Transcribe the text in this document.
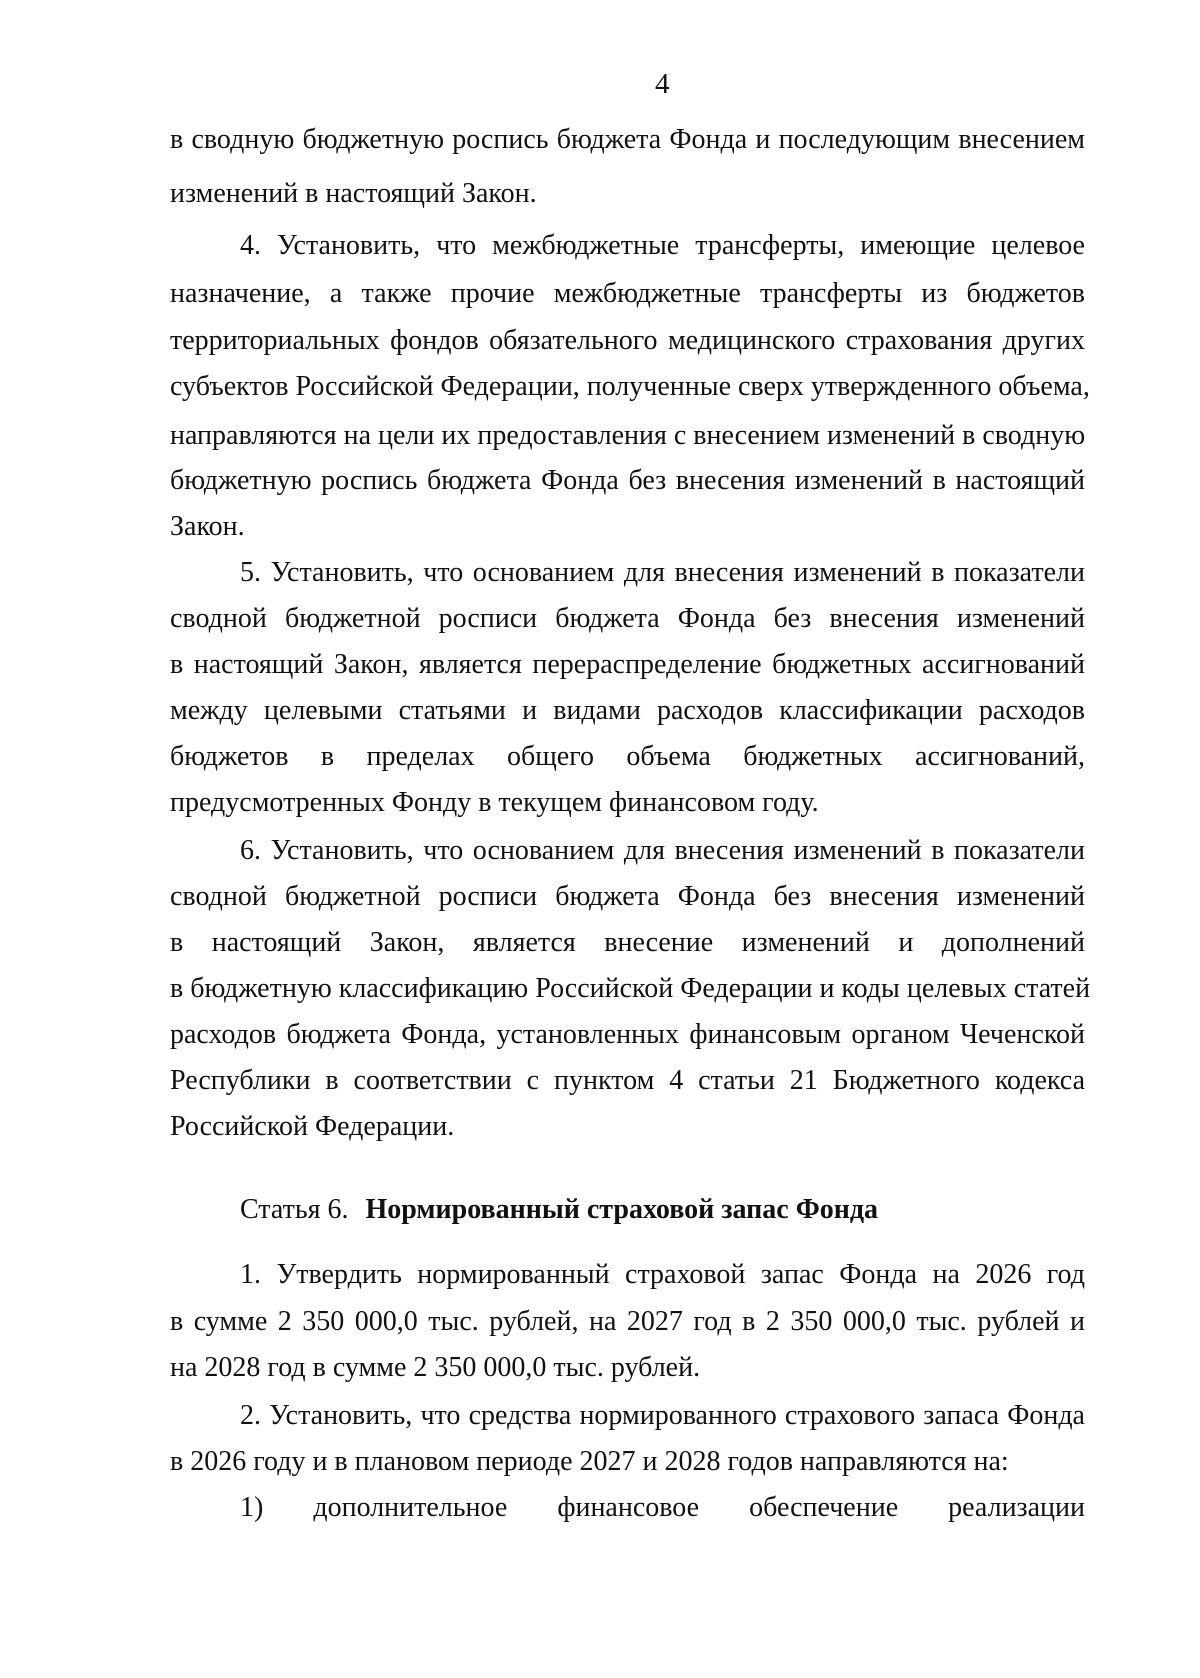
4
в сводную бюджетную роспись бюджета Фонда и последующим внесением
изменений в настоящий Закон.
4. Установить, что межбюджетные трансферты, имеющие целевое
назначение, а также прочие межбюджетные трансферты из бюджетов
территориальных фондов обязательного медицинского страхования других
субъектов Российской Федерации, полученные сверх утвержденного объема,
направляются на цели их предоставления с внесением изменений в сводную
бюджетную роспись бюджета Фонда без внесения изменений в настоящий
Закон.
5. Установить, что основанием для внесения изменений в показатели
сводной бюджетной росписи бюджета Фонда без внесения изменений
в настоящий Закон, является перераспределение бюджетных ассигнований
между целевыми статьями и видами расходов классификации расходов
бюджетов в пределах общего объема бюджетных ассигнований,
предусмотренных Фонду в текущем финансовом году.
6. Установить, что основанием для внесения изменений в показатели
сводной бюджетной росписи бюджета Фонда без внесения изменений
в настоящий Закон, является внесение изменений и дополнений
в бюджетную классификацию Российской Федерации и коды целевых статей
расходов бюджета Фонда, установленных финансовым органом Чеченской
Республики в соответствии с пунктом 4 статьи 21 Бюджетного кодекса
Российской Федерации.
Статья 6. Нормированный страховой запас Фонда
1. Утвердить нормированный страховой запас Фонда на 2026 год
в сумме 2 350 000,0 тыс. рублей, на 2027 год в 2 350 000,0 тыс. рублей и
на 2028 год в сумме 2 350 000,0 тыс. рублей.
2. Установить, что средства нормированного страхового запаса Фонда
в 2026 году и в плановом периоде 2027 и 2028 годов направляются на:
1) дополнительное финансовое обеспечение реализации
